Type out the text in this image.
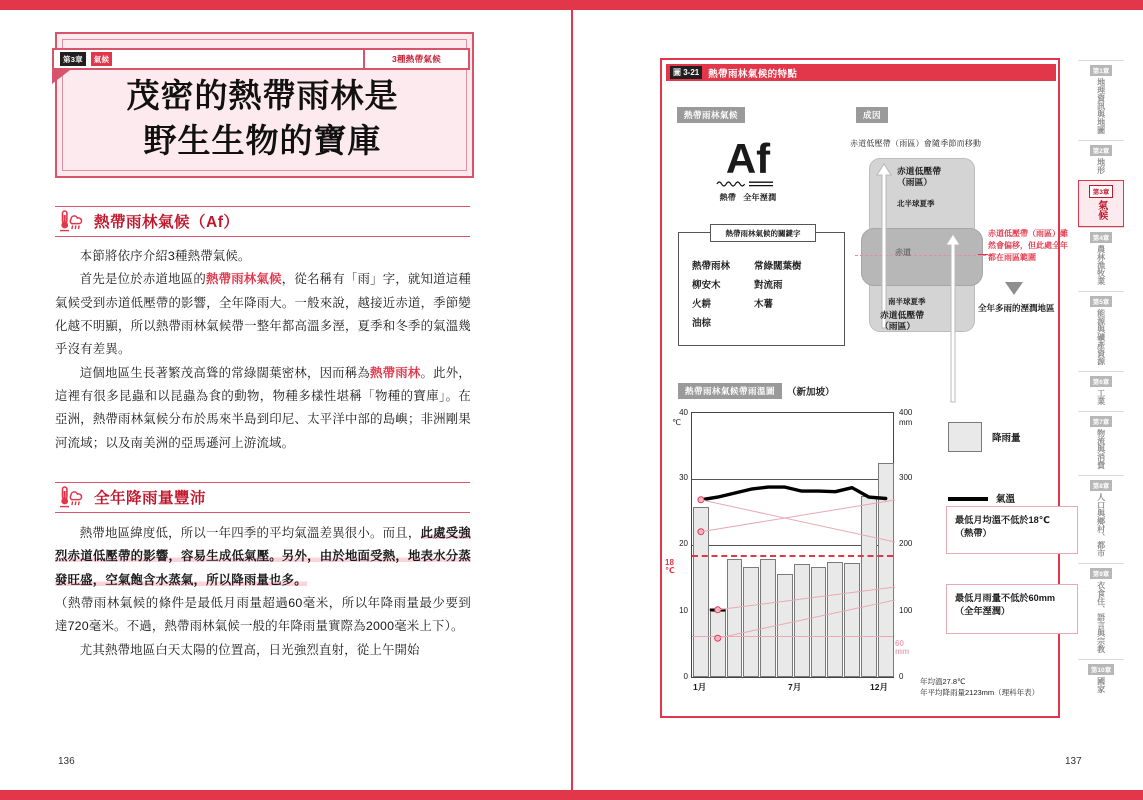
第3章	氣候	3種熱帶氣候
茂密的熱帶雨林是
野生生物的寶庫
熱帶雨林氣候（Af）

本節將依序介紹3種熱帶氣候。

首先是位於赤道地區的熱帶雨林氣候，從名稱有「雨」字，就知道這種氣候受到赤道低壓帶的影響，全年降雨大。一般來說，越接近赤道，季節變化越不明顯，所以熱帶雨林氣候帶一整年都高溫多溼，夏季和冬季的氣溫幾乎沒有差異。

這個地區生長著繁茂高聳的常綠闊葉密林，因而稱為熱帶雨林。此外，這裡有很多昆蟲和以昆蟲為食的動物，物種多樣性堪稱「物種的寶庫」。在亞洲，熱帶雨林氣候分布於馬來半島到印尼、太平洋中部的島嶼；非洲剛果河流域；以及南美洲的亞馬遜河上游流域。

全年降雨量豐沛

熱帶地區緯度低，所以一年四季的平均氣溫差異很小。而且，此處受強烈赤道低壓帶的影響，容易生成低氣壓。另外，由於地面受熱，地表水分蒸發旺盛，空氣飽含水蒸氣，所以降雨量也多。

（熱帶雨林氣候的條件是最低月雨量超過60毫米，所以年降雨量最少要到達720毫米。不過，熱帶雨林氣候一般的年降雨量實際為2000毫米上下）。

尤其熱帶地區白天太陽的位置高，日光強烈直射，從上午開始

136
圖 3-21 熱帶雨林氣候的特點
熱帶雨林氣候	成因
Af
熱帶 全年溼潤
熱帶雨林氣候的關鍵字
熱帶雨林	常綠闊葉樹
柳安木	對流雨
火耕	木薯
油棕
赤道低壓帶（雨區）會隨季節而移動
赤道
赤道低壓帶
（雨區）
北半球夏季
南半球夏季
赤道低壓帶
（雨區）
赤道低壓帶（雨區）雖然會偏移，但此處全年都在雨區範圍
全年多雨的溼潤地區
熱帶雨林氣候帶雨溫圖	（新加坡）
40
℃
30
20
10
0
18
℃
400
mm
300
200
100
0
60
mm
1月	7月	12月
降雨量
氣溫
最低月均溫不低於18℃
（熱帶）
最低月雨量不低於60mm
（全年溼潤）
年均溫27.8℃
年平均降雨量2123mm（理科年表）
137
第1章
地理資訊與地圖
第2章
地形
第3章
氣候
第4章
農林漁牧業
第5章
能源與礦產資源
第6章
工業
第7章
物流與消費
第8章
人口與鄉村、都市
第9章
衣食住、語言與宗教
第10章
國家
